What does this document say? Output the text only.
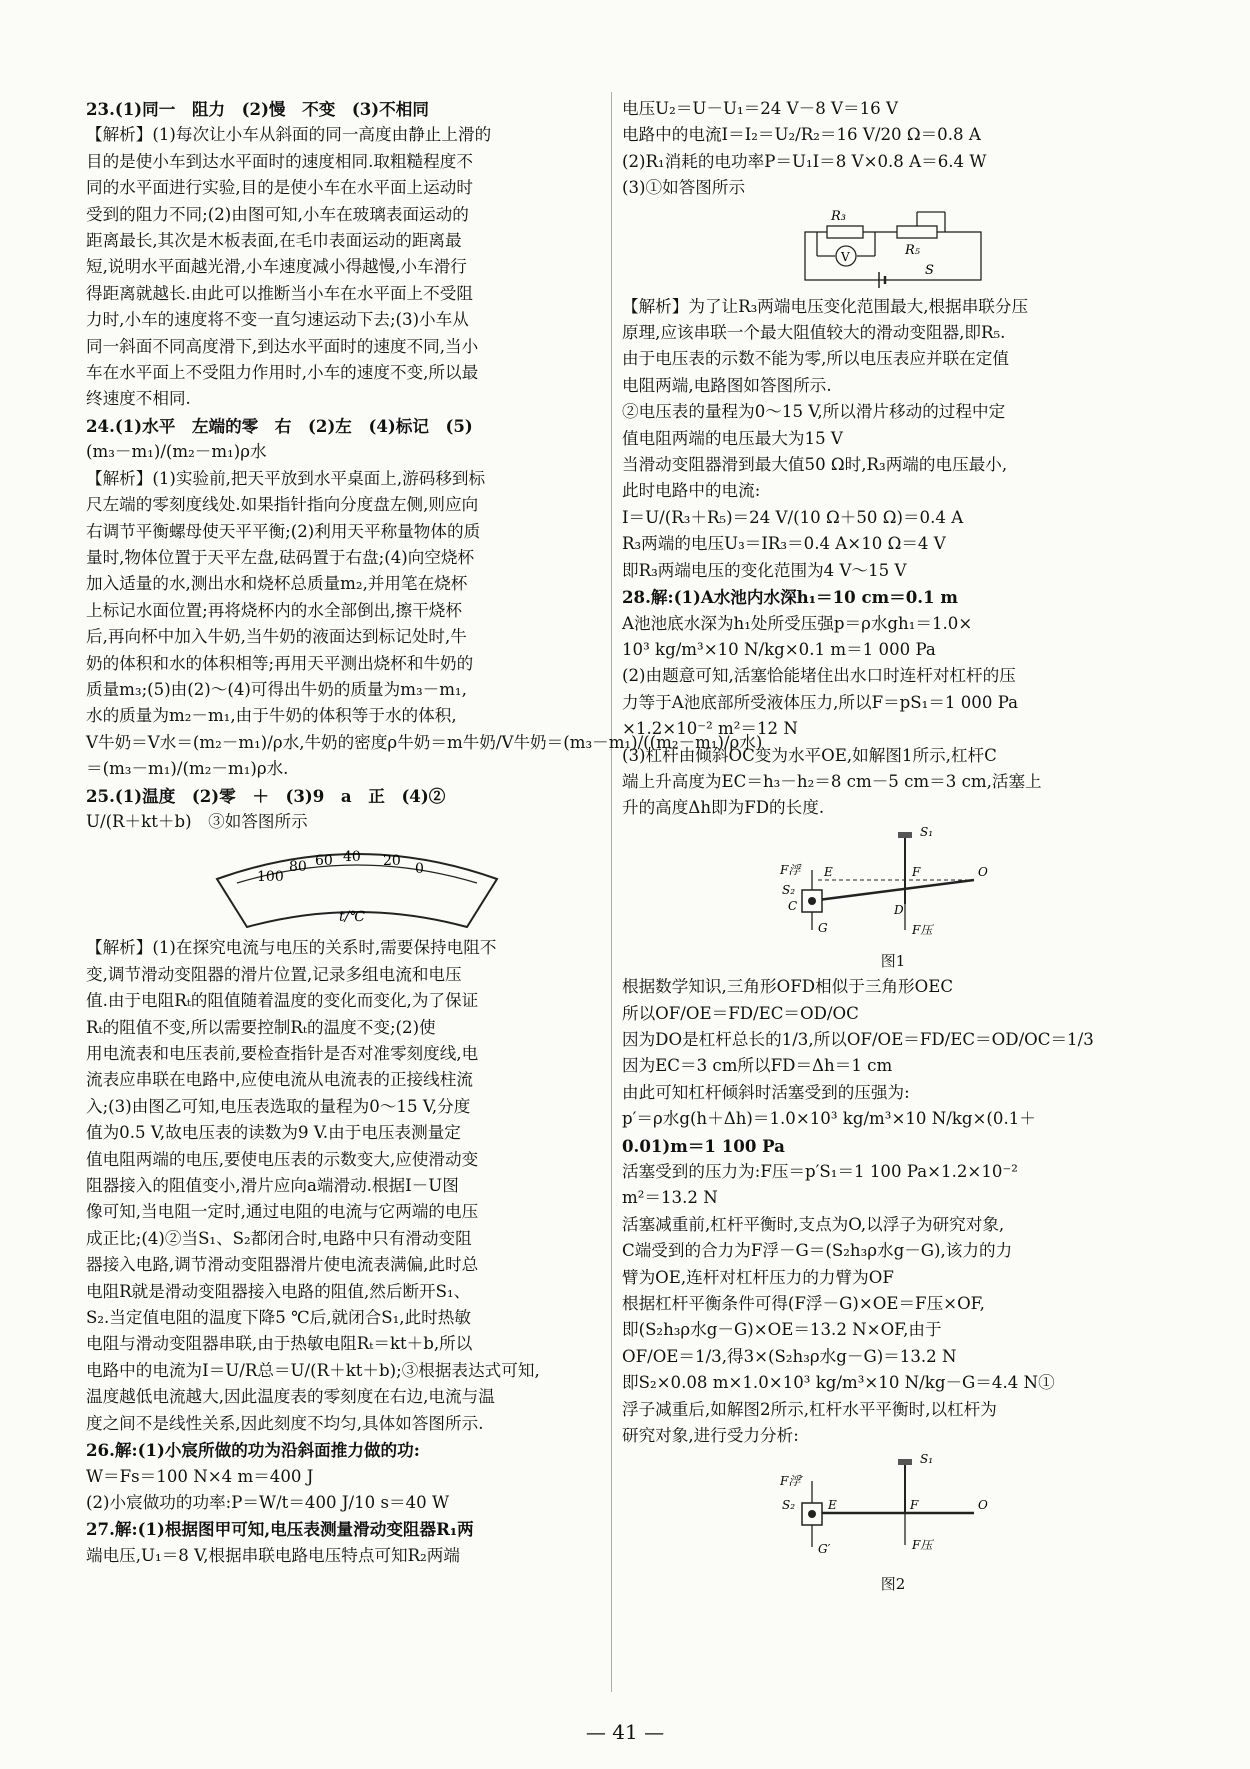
23.(1)同一　阻力　(2)慢　不变　(3)不相同
【解析】(1)每次让小车从斜面的同一高度由静止上滑的
目的是使小车到达水平面时的速度相同.取粗糙程度不
同的水平面进行实验,目的是使小车在水平面上运动时
受到的阻力不同;(2)由图可知,小车在玻璃表面运动的
距离最长,其次是木板表面,在毛巾表面运动的距离最
短,说明水平面越光滑,小车速度减小得越慢,小车滑行
得距离就越长.由此可以推断当小车在水平面上不受阻
力时,小车的速度将不变一直匀速运动下去;(3)小车从
同一斜面不同高度滑下,到达水平面时的速度不同,当小
车在水平面上不受阻力作用时,小车的速度不变,所以最
终速度不相同.
24.(1)水平　左端的零　右　(2)左　(4)标记　(5)
(m₃－m₁)/(m₂－m₁)ρ水
【解析】(1)实验前,把天平放到水平桌面上,游码移到标
尺左端的零刻度线处.如果指针指向分度盘左侧,则应向
右调节平衡螺母使天平平衡;(2)利用天平称量物体的质
量时,物体位置于天平左盘,砝码置于右盘;(4)向空烧杯
加入适量的水,测出水和烧杯总质量m₂,并用笔在烧杯
上标记水面位置;再将烧杯内的水全部倒出,擦干烧杯
后,再向杯中加入牛奶,当牛奶的液面达到标记处时,牛
奶的体积和水的体积相等;再用天平测出烧杯和牛奶的
质量m₃;(5)由(2)～(4)可得出牛奶的质量为m₃－m₁,
水的质量为m₂－m₁,由于牛奶的体积等于水的体积,
V牛奶＝V水＝(m₂－m₁)/ρ水,牛奶的密度ρ牛奶＝m牛奶/V牛奶＝(m₃－m₁)/((m₂－m₁)/ρ水)
＝(m₃－m₁)/(m₂－m₁)ρ水.
25.(1)温度　(2)零　＋　(3)9　a　正　(4)②
U/(R＋kt＋b)　③如答图所示
100
80 60 40 20 0
t/℃
【解析】(1)在探究电流与电压的关系时,需要保持电阻不
变,调节滑动变阻器的滑片位置,记录多组电流和电压
值.由于电阻Rₜ的阻值随着温度的变化而变化,为了保证
Rₜ的阻值不变,所以需要控制Rₜ的温度不变;(2)使
用电流表和电压表前,要检查指针是否对准零刻度线,电
流表应串联在电路中,应使电流从电流表的正接线柱流
入;(3)由图乙可知,电压表选取的量程为0～15 V,分度
值为0.5 V,故电压表的读数为9 V.由于电压表测量定
值电阻两端的电压,要使电压表的示数变大,应使滑动变
阻器接入的阻值变小,滑片应向a端滑动.根据I－U图
像可知,当电阻一定时,通过电阻的电流与它两端的电压
成正比;(4)②当S₁、S₂都闭合时,电路中只有滑动变阻
器接入电路,调节滑动变阻器滑片使电流表满偏,此时总
电阻R就是滑动变阻器接入电路的阻值,然后断开S₁、
S₂.当定值电阻的温度下降5 ℃后,就闭合S₁,此时热敏
电阻与滑动变阻器串联,由于热敏电阻Rₜ＝kt＋b,所以
电路中的电流为I＝U/R总＝U/(R＋kt＋b);③根据表达式可知,
温度越低电流越大,因此温度表的零刻度在右边,电流与温
度之间不是线性关系,因此刻度不均匀,具体如答图所示.
26.解:(1)小宸所做的功为沿斜面推力做的功:
W＝Fs＝100 N×4 m＝400 J
(2)小宸做功的功率:P＝W/t＝400 J/10 s＝40 W
27.解:(1)根据图甲可知,电压表测量滑动变阻器R₁两
端电压,U₁＝8 V,根据串联电路电压特点可知R₂两端
电压U₂＝U－U₁＝24 V－8 V＝16 V
电路中的电流I＝I₂＝U₂/R₂＝16 V/20 Ω＝0.8 A
(2)R₁消耗的电功率P＝U₁I＝8 V×0.8 A＝6.4 W
(3)①如答图所示
R₃
V	R₅
S
【解析】为了让R₃两端电压变化范围最大,根据串联分压
原理,应该串联一个最大阻值较大的滑动变阻器,即R₅.
由于电压表的示数不能为零,所以电压表应并联在定值
电阻两端,电路图如答图所示.
②电压表的量程为0～15 V,所以滑片移动的过程中定
值电阻两端的电压最大为15 V
当滑动变阻器滑到最大值50 Ω时,R₃两端的电压最小,
此时电路中的电流:
I＝U/(R₃＋R₅)＝24 V/(10 Ω＋50 Ω)＝0.4 A
R₃两端的电压U₃＝IR₃＝0.4 A×10 Ω＝4 V
即R₃两端电压的变化范围为4 V～15 V
28.解:(1)A水池内水深h₁＝10 cm＝0.1 m
A池池底水深为h₁处所受压强p＝ρ水gh₁＝1.0×
10³ kg/m³×10 N/kg×0.1 m＝1 000 Pa
(2)由题意可知,活塞恰能堵住出水口时连杆对杠杆的压
力等于A池底部所受液体压力,所以F＝pS₁＝1 000 Pa
×1.2×10⁻² m²＝12 N
(3)杠杆由倾斜OC变为水平OE,如解图1所示,杠杆C
端上升高度为EC＝h₃－h₂＝8 cm－5 cm＝3 cm,活塞上
升的高度Δh即为FD的长度.
S₁
F浮 E	F	O
S₂
C	D
G	F压
图1
根据数学知识,三角形OFD相似于三角形OEC
所以OF/OE＝FD/EC＝OD/OC
因为DO是杠杆总长的1/3,所以OF/OE＝FD/EC＝OD/OC＝1/3
因为EC＝3 cm所以FD＝Δh＝1 cm
由此可知杠杆倾斜时活塞受到的压强为:
p′＝ρ水g(h＋Δh)＝1.0×10³ kg/m³×10 N/kg×(0.1＋
0.01)m＝1 100 Pa
活塞受到的压力为:F压＝p′S₁＝1 100 Pa×1.2×10⁻²
m²＝13.2 N
活塞减重前,杠杆平衡时,支点为O,以浮子为研究对象,
C端受到的合力为F浮－G＝(S₂h₃ρ水g－G),该力的力
臂为OE,连杆对杠杆压力的力臂为OF
根据杠杆平衡条件可得(F浮－G)×OE＝F压×OF,
即(S₂h₃ρ水g－G)×OE＝13.2 N×OF,由于
OF/OE＝1/3,得3×(S₂h₃ρ水g－G)＝13.2 N
即S₂×0.08 m×1.0×10³ kg/m³×10 N/kg－G＝4.4 N①
浮子减重后,如解图2所示,杠杆水平平衡时,以杠杆为
研究对象,进行受力分析:
S₁
F浮′
S₂	E	F	O
G′	F压
图2
— 41 —
